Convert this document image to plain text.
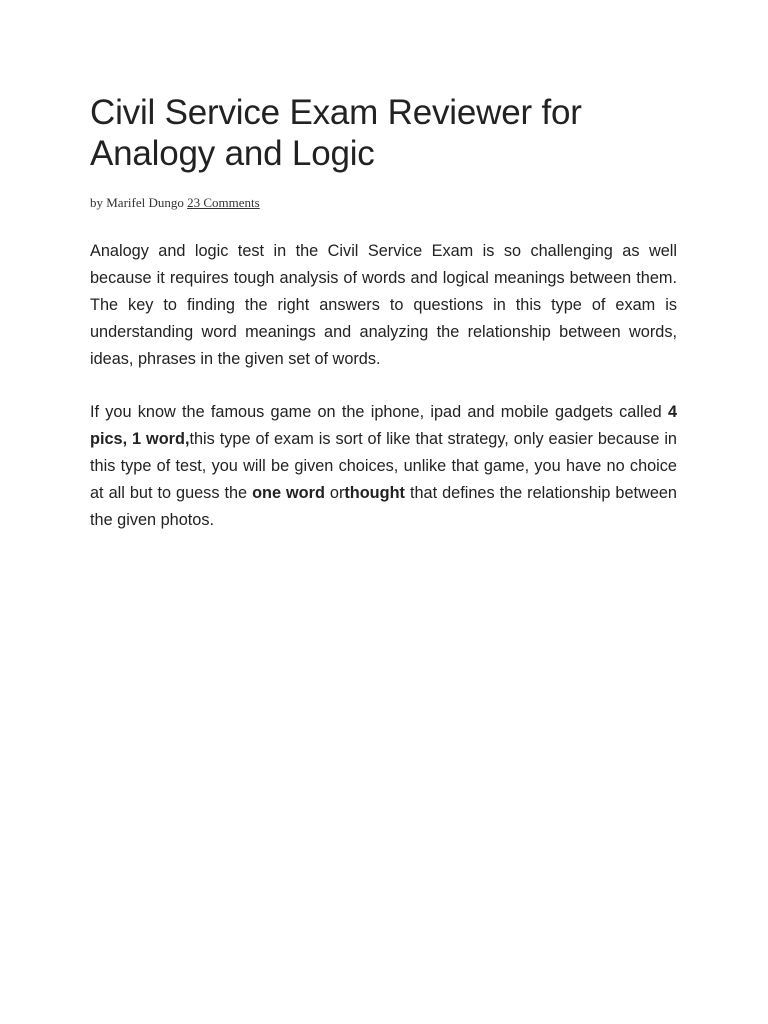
Civil Service Exam Reviewer for Analogy and Logic
by Marifel Dungo 23 Comments

Analogy and logic test in the Civil Service Exam is so challenging as well because it requires tough analysis of words and logical meanings between them. The key to finding the right answers to questions in this type of exam is understanding word meanings and analyzing the relationship between words, ideas, phrases in the given set of words.

If you know the famous game on the iphone, ipad and mobile gadgets called 4 pics, 1 word,this type of exam is sort of like that strategy, only easier because in this type of test, you will be given choices, unlike that game, you have no choice at all but to guess the one word orthought that defines the relationship between the given photos.
